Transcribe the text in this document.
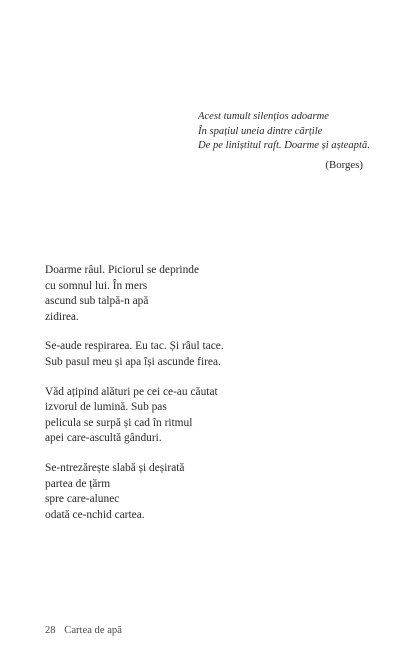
Acest tumult silențios adoarme
În spațiul uneia dintre cărțile
De pe liniștitul raft. Doarme și așteaptă.
(Borges)
Doarme râul. Piciorul se deprinde
cu somnul lui. În mers
ascund sub talpă-n apă
zidirea.
Se-aude respirarea. Eu tac. Și râul tace.
Sub pasul meu și apa își ascunde firea.
Văd ațipind alături pe cei ce-au căutat
izvorul de lumină. Sub pas
pelicula se surpă și cad în ritmul
apei care-ascultă gânduri.
Se-ntrezărește slabă și deșirată
partea de țărm
spre care-alunec
odată ce-nchid cartea.
28 Cartea de apă
